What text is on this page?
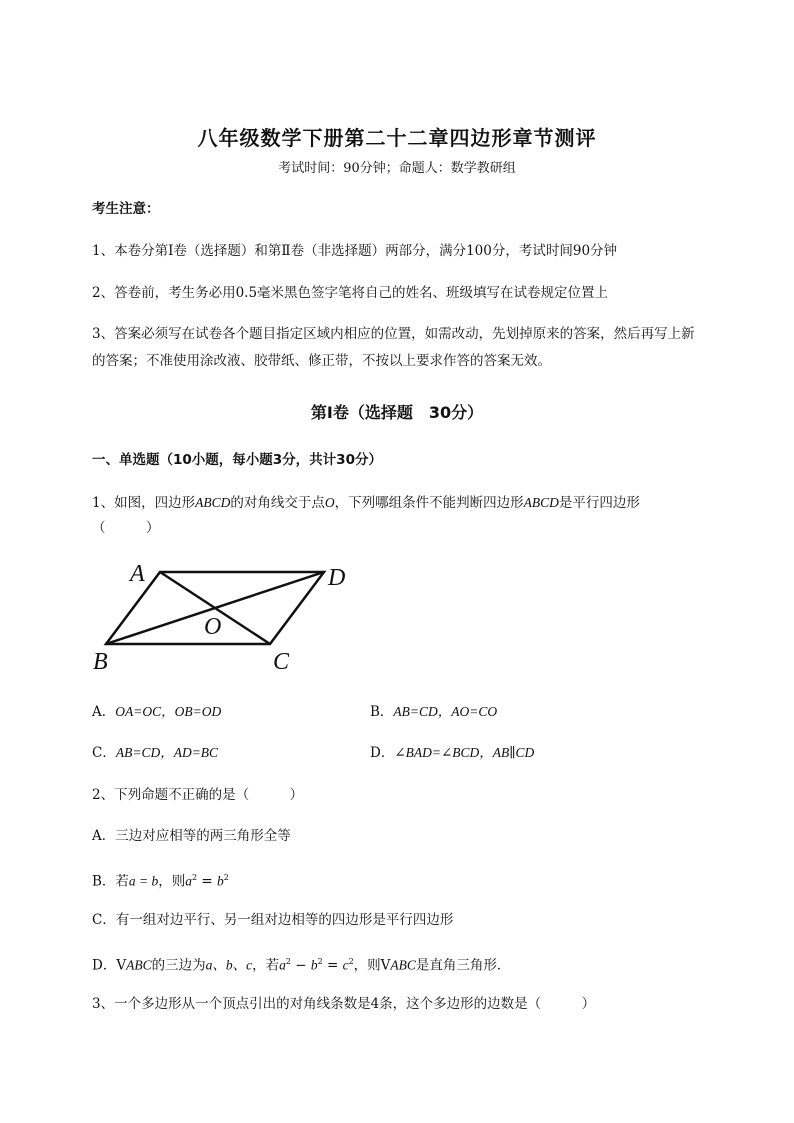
八年级数学下册第二十二章四边形章节测评
考试时间：90分钟；命题人：数学教研组
考生注意：
1、本卷分第I卷（选择题）和第Ⅱ卷（非选择题）两部分，满分100分，考试时间90分钟
2、答卷前，考生务必用0.5毫米黑色签字笔将自己的姓名、班级填写在试卷规定位置上
3、答案必须写在试卷各个题目指定区域内相应的位置，如需改动，先划掉原来的答案，然后再写上新
的答案；不准使用涂改液、胶带纸、修正带，不按以上要求作答的答案无效。
第I卷（选择题　30分）
一、单选题（10小题，每小题3分，共计30分）
1、如图，四边形ABCD的对角线交于点O，下列哪组条件不能判断四边形ABCD是平行四边形
（　　　）
A	D
O
B	C
A．OA=OC，OB=OD	B．AB=CD，AO=CO
C．AB=CD，AD=BC	D．∠BAD=∠BCD，AB∥CD
2、下列命题不正确的是（　　　）
A．三边对应相等的两三角形全等
B．若a = b，则$a^2 = b^2$
C．有一组对边平行、另一组对边相等的四边形是平行四边形
D．VABC的三边为a、b、c，若$a^2 - b^2 = c^2$，则VABC是直角三角形．
3、一个多边形从一个顶点引出的对角线条数是4条，这个多边形的边数是（　　　）
